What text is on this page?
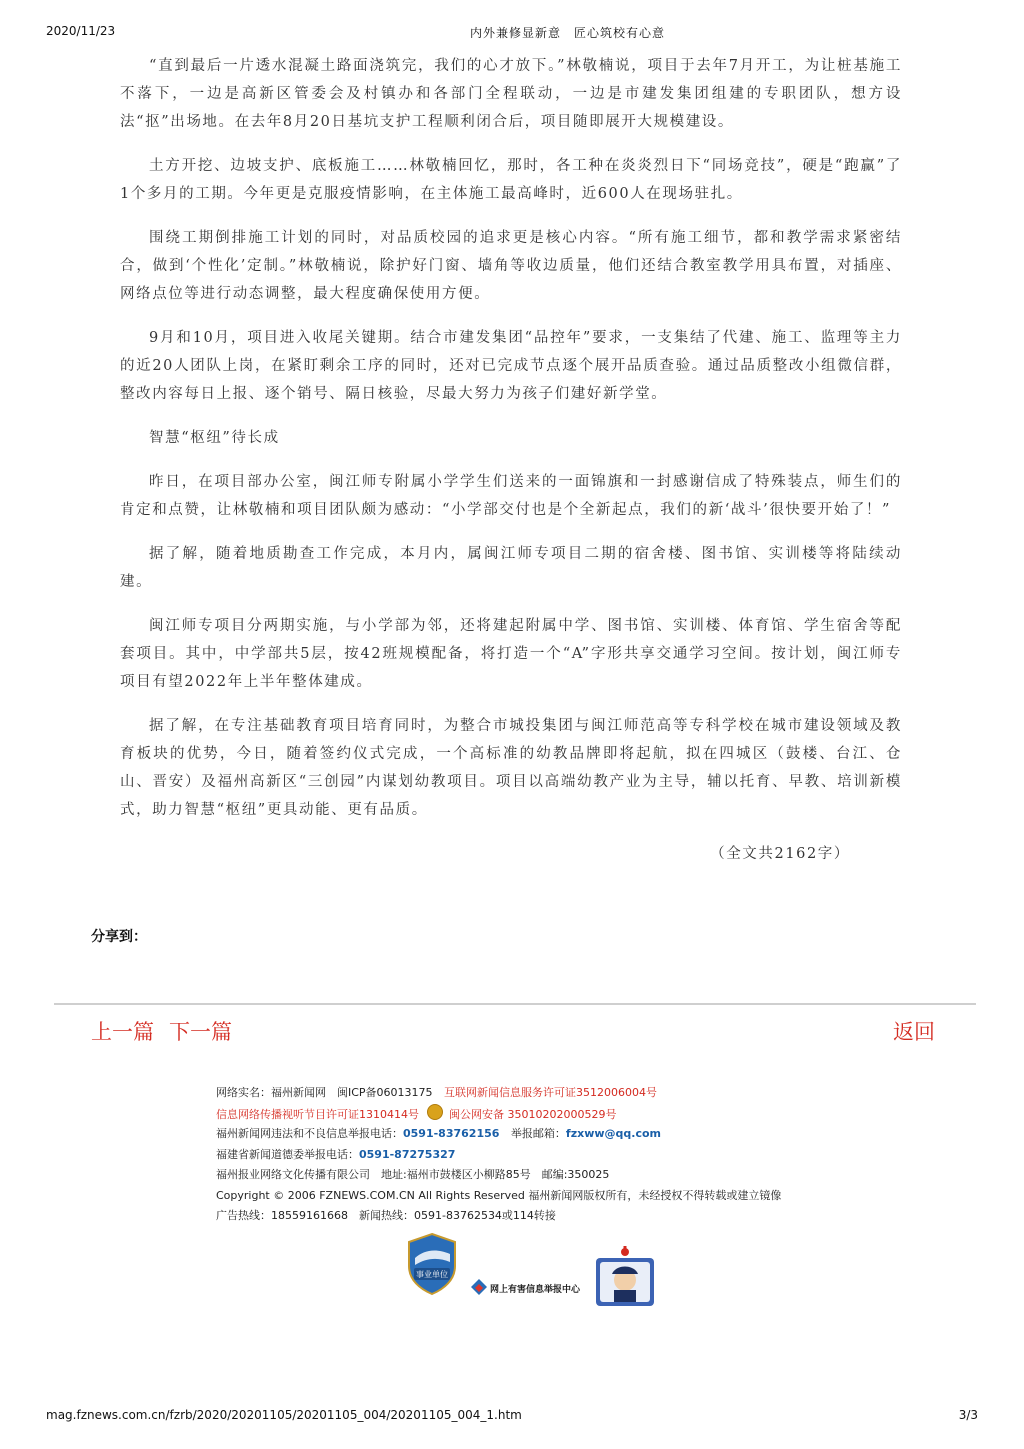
2020/11/23	内外兼修显新意　匠心筑校有心意

“直到最后一片透水混凝土路面浇筑完，我们的心才放下。”林敬楠说，项目于去年7月开工，为让桩基施工不落下，一边是高新区管委会及村镇办和各部门全程联动，一边是市建发集团组建的专职团队，想方设法“抠”出场地。在去年8月20日基坑支护工程顺利闭合后，项目随即展开大规模建设。

土方开挖、边坡支护、底板施工……林敬楠回忆，那时，各工种在炎炎烈日下“同场竞技”，硬是“跑赢”了1个多月的工期。今年更是克服疫情影响，在主体施工最高峰时，近600人在现场驻扎。

围绕工期倒排施工计划的同时，对品质校园的追求更是核心内容。“所有施工细节，都和教学需求紧密结合，做到‘个性化’定制。”林敬楠说，除护好门窗、墙角等收边质量，他们还结合教室教学用具布置，对插座、网络点位等进行动态调整，最大程度确保使用方便。

9月和10月，项目进入收尾关键期。结合市建发集团“品控年”要求，一支集结了代建、施工、监理等主力的近20人团队上岗，在紧盯剩余工序的同时，还对已完成节点逐个展开品质查验。通过品质整改小组微信群，整改内容每日上报、逐个销号、隔日核验，尽最大努力为孩子们建好新学堂。

智慧“枢纽”待长成

昨日，在项目部办公室，闽江师专附属小学学生们送来的一面锦旗和一封感谢信成了特殊装点，师生们的肯定和点赞，让林敬楠和项目团队颇为感动：“小学部交付也是个全新起点，我们的新‘战斗’很快要开始了！”

据了解，随着地质勘查工作完成，本月内，属闽江师专项目二期的宿舍楼、图书馆、实训楼等将陆续动建。

闽江师专项目分两期实施，与小学部为邻，还将建起附属中学、图书馆、实训楼、体育馆、学生宿舍等配套项目。其中，中学部共5层，按42班规模配备，将打造一个“A”字形共享交通学习空间。按计划，闽江师专项目有望2022年上半年整体建成。

据了解，在专注基础教育项目培育同时，为整合市城投集团与闽江师范高等专科学校在城市建设领域及教育板块的优势，今日，随着签约仪式完成，一个高标准的幼教品牌即将起航，拟在四城区（鼓楼、台江、仓山、晋安）及福州高新区“三创园”内谋划幼教项目。项目以高端幼教产业为主导，辅以托育、早教、培训新模式，助力智慧“枢纽”更具动能、更有品质。

（全文共2162字）

分享到：
上一篇 下一篇	返回
网络实名：福州新闻网　闽ICP备06013175 互联网新闻信息服务许可证3512006004号
信息网络传播视听节目许可证1310414号	闽公网安备 35010202000529号
福州新闻网违法和不良信息举报电话：0591-83762156 举报邮箱：fzxww@qq.com
福建省新闻道德委举报电话：0591-87275327
福州报业网络文化传播有限公司　地址:福州市鼓楼区小柳路85号　邮编:350025
Copyright © 2006 FZNEWS.COM.CN All Rights Reserved 福州新闻网版权所有，未经授权不得转载或建立镜像
广告热线：18559161668　新闻热线：0591-83762534或114转接
事业单位
网上有害信息举报中心
mag.fznews.com.cn/fzrb/2020/20201105/20201105_004/20201105_004_1.htm	3/3
